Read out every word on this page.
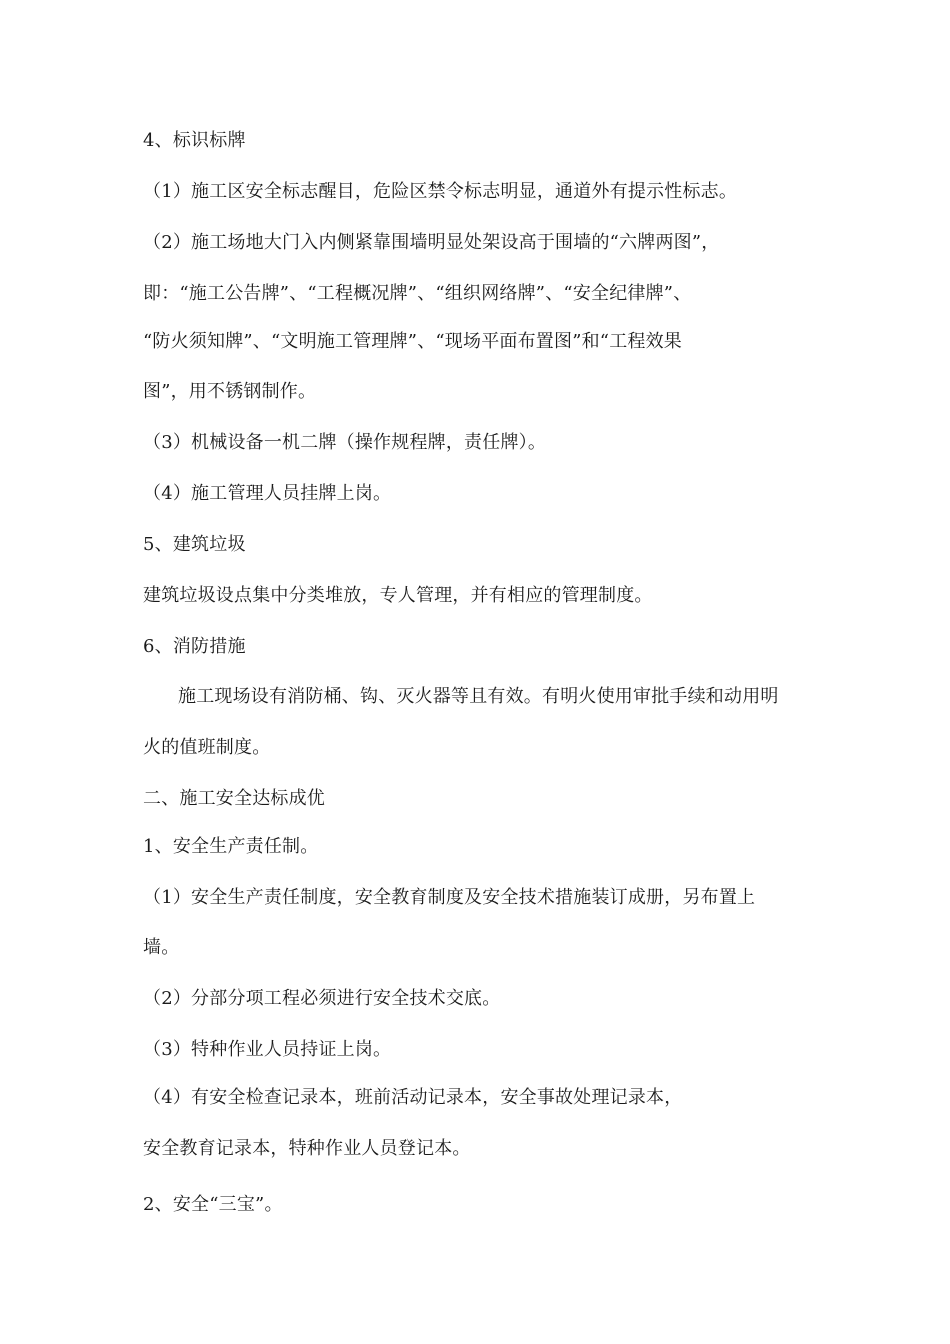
4、标识标牌
（1）施工区安全标志醒目，危险区禁令标志明显，通道外有提示性标志。
（2）施工场地大门入内侧紧靠围墙明显处架设高于围墙的“六牌两图”，
即：“施工公告牌”、“工程概况牌”、“组织网络牌”、“安全纪律牌”、
“防火须知牌”、“文明施工管理牌”、“现场平面布置图”和“工程效果
图”，用不锈钢制作。
（3）机械设备一机二牌（操作规程牌，责任牌）。
（4）施工管理人员挂牌上岗。
5、建筑垃圾
建筑垃圾设点集中分类堆放，专人管理，并有相应的管理制度。
6、消防措施
施工现场设有消防桶、钩、灭火器等且有效。有明火使用审批手续和动用明
火的值班制度。
二、施工安全达标成优
1、安全生产责任制。
（1）安全生产责任制度，安全教育制度及安全技术措施装订成册，另布置上
墙。
（2）分部分项工程必须进行安全技术交底。
（3）特种作业人员持证上岗。
（4）有安全检查记录本，班前活动记录本，安全事故处理记录本，
安全教育记录本，特种作业人员登记本。
2、安全“三宝”。
